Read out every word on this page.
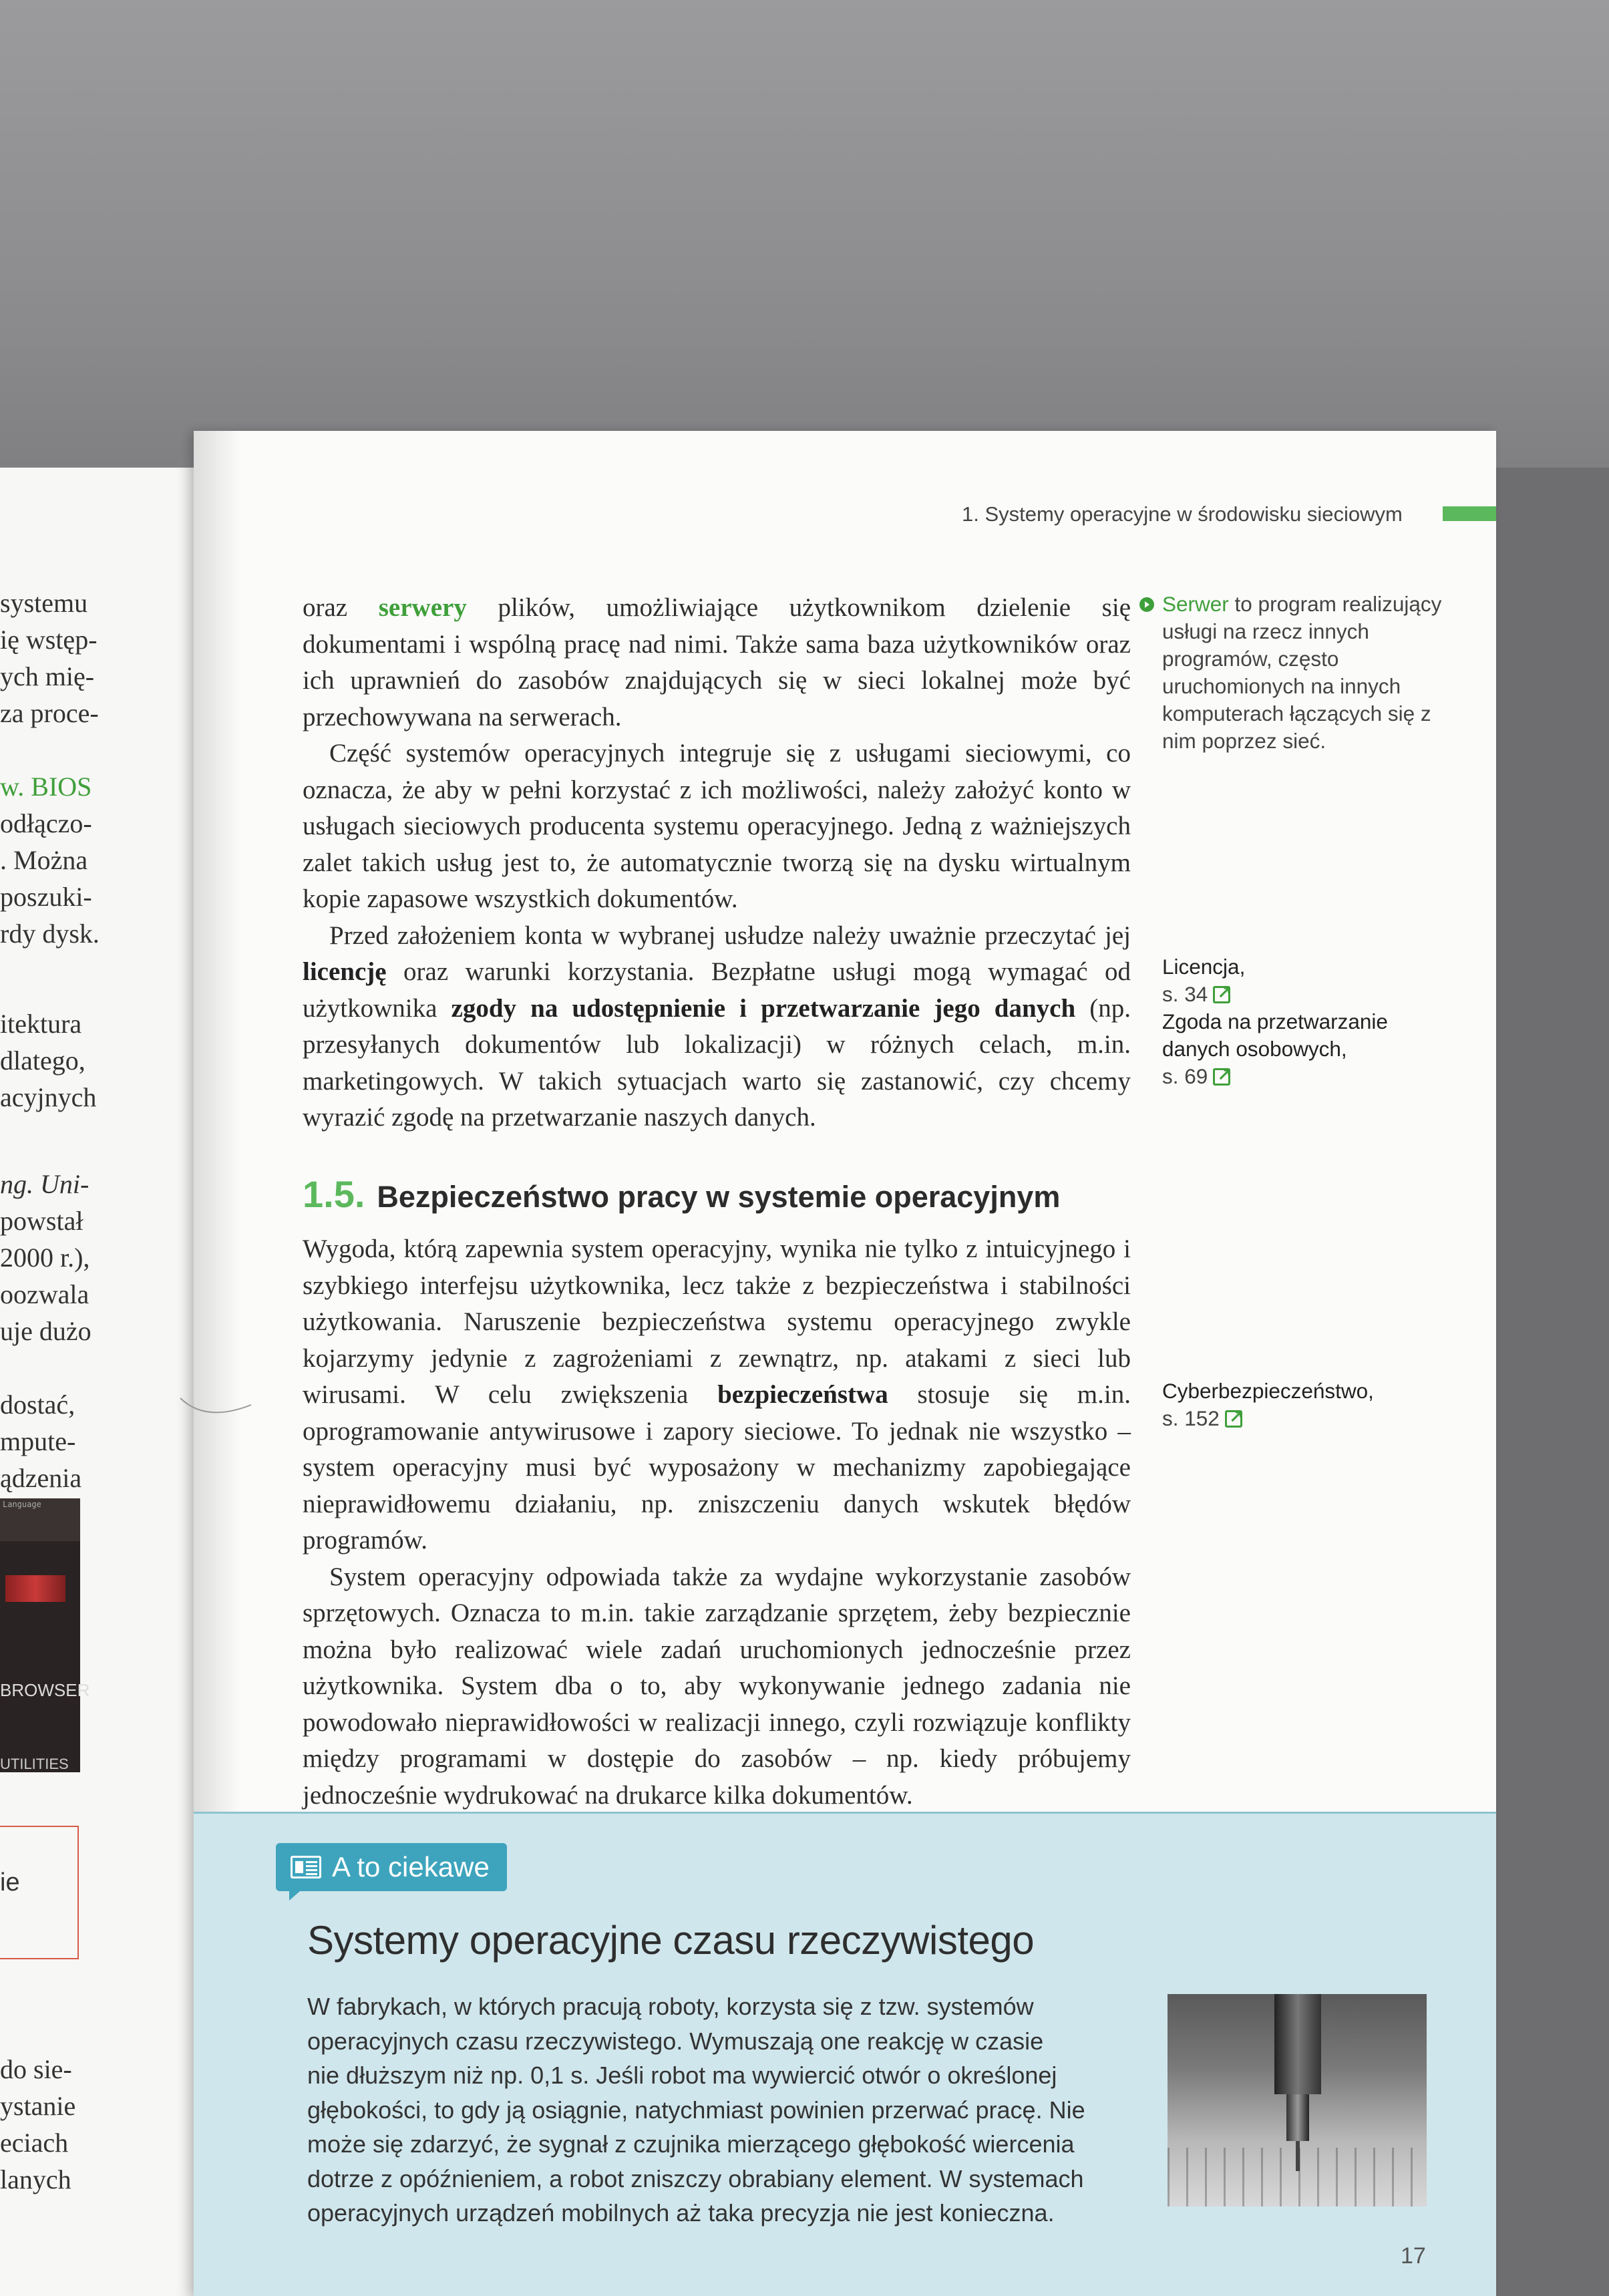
systemu
ię wstęp-
ych mię-
za proce-
w. BIOS
odłączo-
. Można
poszuki-
rdy dysk.
itektura
dlatego,
acyjnych
ng. Uni-
powstał
2000 r.),
oozwala
uje dużo
dostać,
mpute-
ądzenia
do sie-
ystanie
eciach
lanych
Language
BROWSER
UTILITIES
ie
1. Systemy operacyjne w środowisku sieciowym

oraz serwery plików, umożliwiające użytkownikom dzielenie się dokumentami i wspólną pracę nad nimi. Także sama baza użytkowników oraz ich uprawnień do zasobów znajdujących się w sieci lokalnej może być przechowywana na serwerach.

Część systemów operacyjnych integruje się z usługami sieciowymi, co oznacza, że aby w pełni korzystać z ich możliwości, należy założyć konto w usługach sieciowych producenta systemu operacyjnego. Jedną z ważniejszych zalet takich usług jest to, że automatycznie tworzą się na dysku wirtualnym kopie zapasowe wszystkich dokumentów.

Przed założeniem konta w wybranej usłudze należy uważnie przeczytać jej licencję oraz warunki korzystania. Bezpłatne usługi mogą wymagać od użytkownika zgody na udostępnienie i przetwarzanie jego danych (np. przesyłanych dokumentów lub lokalizacji) w różnych celach, m.in. marketingowych. W takich sytuacjach warto się zastanowić, czy chcemy wyrazić zgodę na przetwarzanie naszych danych.

Serwer to program realizujący usługi na rzecz innych programów, często uruchomionych na innych komputerach łączących się z nim poprzez sieć.
Licencja,
s. 34↗
Zgoda na przetwarzanie danych osobowych,
s. 69↗
1.5. Bezpieczeństwo pracy w systemie operacyjnym

Wygoda, którą zapewnia system operacyjny, wynika nie tylko z intuicyjnego i szybkiego interfejsu użytkownika, lecz także z bezpieczeństwa i stabilności użytkowania. Naruszenie bezpieczeństwa systemu operacyjnego zwykle kojarzymy jedynie z zagrożeniami z zewnątrz, np. atakami z sieci lub wirusami. W celu zwiększenia bezpieczeństwa stosuje się m.in. oprogramowanie antywirusowe i zapory sieciowe. To jednak nie wszystko – system operacyjny musi być wyposażony w mechanizmy zapobiegające nieprawidłowemu działaniu, np. zniszczeniu danych wskutek błędów programów.

System operacyjny odpowiada także za wydajne wykorzystanie zasobów sprzętowych. Oznacza to m.in. takie zarządzanie sprzętem, żeby bezpiecznie można było realizować wiele zadań uruchomionych jednocześnie przez użytkownika. System dba o to, aby wykonywanie jednego zadania nie powodowało nieprawidłowości w realizacji innego, czyli rozwiązuje konflikty między programami w dostępie do zasobów – np. kiedy próbujemy jednocześnie wydrukować na drukarce kilka dokumentów.

Cyberbezpieczeństwo,
s. 152↗
A to ciekawe
Systemy operacyjne czasu rzeczywistego
W fabrykach, w których pracują roboty, korzysta się z tzw. systemów
operacyjnych czasu rzeczywistego. Wymuszają one reakcję w czasie
nie dłuższym niż np. 0,1 s. Jeśli robot ma wywiercić otwór o określonej
głębokości, to gdy ją osiągnie, natychmiast powinien przerwać pracę. Nie
może się zdarzyć, że sygnał z czujnika mierzącego głębokość wiercenia
dotrze z opóźnieniem, a robot zniszczy obrabiany element. W systemach
operacyjnych urządzeń mobilnych aż taka precyzja nie jest konieczna.
17
